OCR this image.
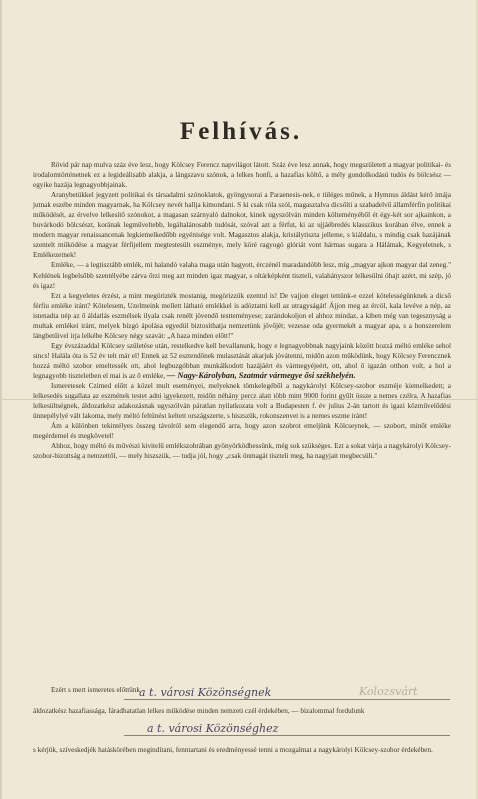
Felhívás.

Rövid pár nap mulva száz éve lesz, hogy Kölcsey Ferencz napvilágot látott. Száz éve lesz annak, hogy megszületett a magyar politikai- és irodalomtörténetnek ez a legideálisabb alakja, a lángszavu szónok, a lelkes honfi, a hazafias költő, a mély gondolkodású tudós és bölcsész — egyike hazája legnagyobbjainak.

Aranybetükkel jegyzett politikai és társadalmi szónoklatok, gyöngysorai a Paraenesis-nek, e tüléges műnek, a Hymnus áldást kérő imája jutnak eszébe minden magyarnak, ha Kölcsey nevét hallja kimondani. S ki csak róla szól, magasztalva dicsőíti a szabadelvű államférfin politikai működését, az érvelve lelkesítő szónokot, a magasan szárnyaló dalnokot, kinek ugyszólván minden költeményéből ét égy-két sor ajkainkon, a buvárkodó bölcsészt, korának legműveltebb, legáltalánosabb tudósát, szóval azt a férfut, ki az ujjáébredés klasszikus korában élve, ennek a modern magyar renaissancenak legkiemelkedőbb egyénisége volt. Magasztos alakja, kristálytiszta jelleme, s kiáldalu, s mindig csak hazájának szentelt működése a magyar férfijellem megtestesült eszménye, mely köré ragyogó glóriát vont hármas sugara a Hálámak, Kegyeletnek, s Emlékezetnek!

Emléke, — a legtisztább emlék, mi halandó valaha maga után hagyott, érczénél maradandóbb lesz, míg „magyar ajkon magyar dal zeneg." Kehlének legbelsőbb szentélyébe zárva őrzi meg azt minden igaz magyar, s oltárképként tiszteli, valahányszor lelkesülni óhajt azért, mi szép, jó és igaz!

Ezt a kegyeletes érzést, a mint megörizték mostanig, megörizzük ezentul is! De vajjon eleget tettünk-e ezzel kötelességünknek a dicső férfiu emléke iránt? Kötelesem, Uzelmeink mellett látható emlékkel is adóztatni kell az utragyságát! Ájjon meg az ércöl, kala levéve a nép, az istenadta nép az ő áldatlás eszmélsek ilyala csak renélt jövendő testteményese; zarándokoljon el ahhoz mindaz, a kiben még van tegesznyság a multak emlékei iránt, melyek bízgó ápolása egyedül biztosíthatja nemzetünk jövőjét; vezesse oda gyermekét a magyar apa, s a honszerelem lángbetűivel írja lelkébe Kölcsey négy szavát: „A haza minden előtt!"

Egy évszázaddal Kölcsey születése után, restelkedve kell bevallanunk, hogy e legnagyobbnak nagyjaink között hozzá méltó emléke sehol sincs! Halála óta is 52 év telt már el! Ennek az 52 esztendőnek mulasztását akarjuk jóvátenni, midőn azon működünk, hogy Kölcsey Ferencznek hozzá méltó szobor emeltessék ott, ahol legbuzgóbban munkálkodott hazájáért és vármegyéjeért, ott, ahol ő igazán otthon volt, a hol a legnagyobb tiszteletben el mai is az ő emléke, — Nagy-Károlyban, Szatmár vármegye ősi székhelyén.

Ismeretesek Czimed előtt a közel mult eseményei, melyeknek tömkelegéből a nagykárolyi Kölcsey-szobor eszméje kiemelkedett; a lelkesedés sugallata az eszmének testet adni igyekezett, midőn néhány percz alatt több mint 9000 forint gyűlt össze a nemes czélra. A hazafias lelkesültségnek, áldozatkész adakozásnak ugyszólván páratlan nyilatkozata volt a Budapesten f. év julius 2-án tartott és igazi közművelődési ünnepélylyé vált lakoma, mely méltó feltünést keltett országszerte, s hiszszük, rokonszenvet is a nemes eszme iránt!

Ám a különben tekintélyes összeg távolról sem elegendő arra, hogy azon szobrot emeljünk Kölcseynek, — szobort, minőt emléke megérdemel és megkövetel!

Ahhoz, hogy méltó és művészi kivitelű emlékszobrában gyönyörködhessünk, még sok szükséges. Ezt a sokat várja a nagykárolyi Kölcsey-szobor-bizottság a nemzettől, — mely hiszszük, — tudja jól, hogy „csak önmagát tiszteli meg, ha nagyjait megbecsüli."

Ezért s mert ismeretes előttünk
a t. városi Közönségnek	Kolozsvárt

áldozatkész hazafiassága, fáradhatatlan lelkes működése minden nemzeti czél érdekében, — bizalommal fordulunk

a t. városi Közönséghez

s kérjük, szíveskedjék hatáskörében megindítani, fenntartani és eredményessé tenni a mozgalmat a nagykárolyi Kölcsey-szobor érdekében.
